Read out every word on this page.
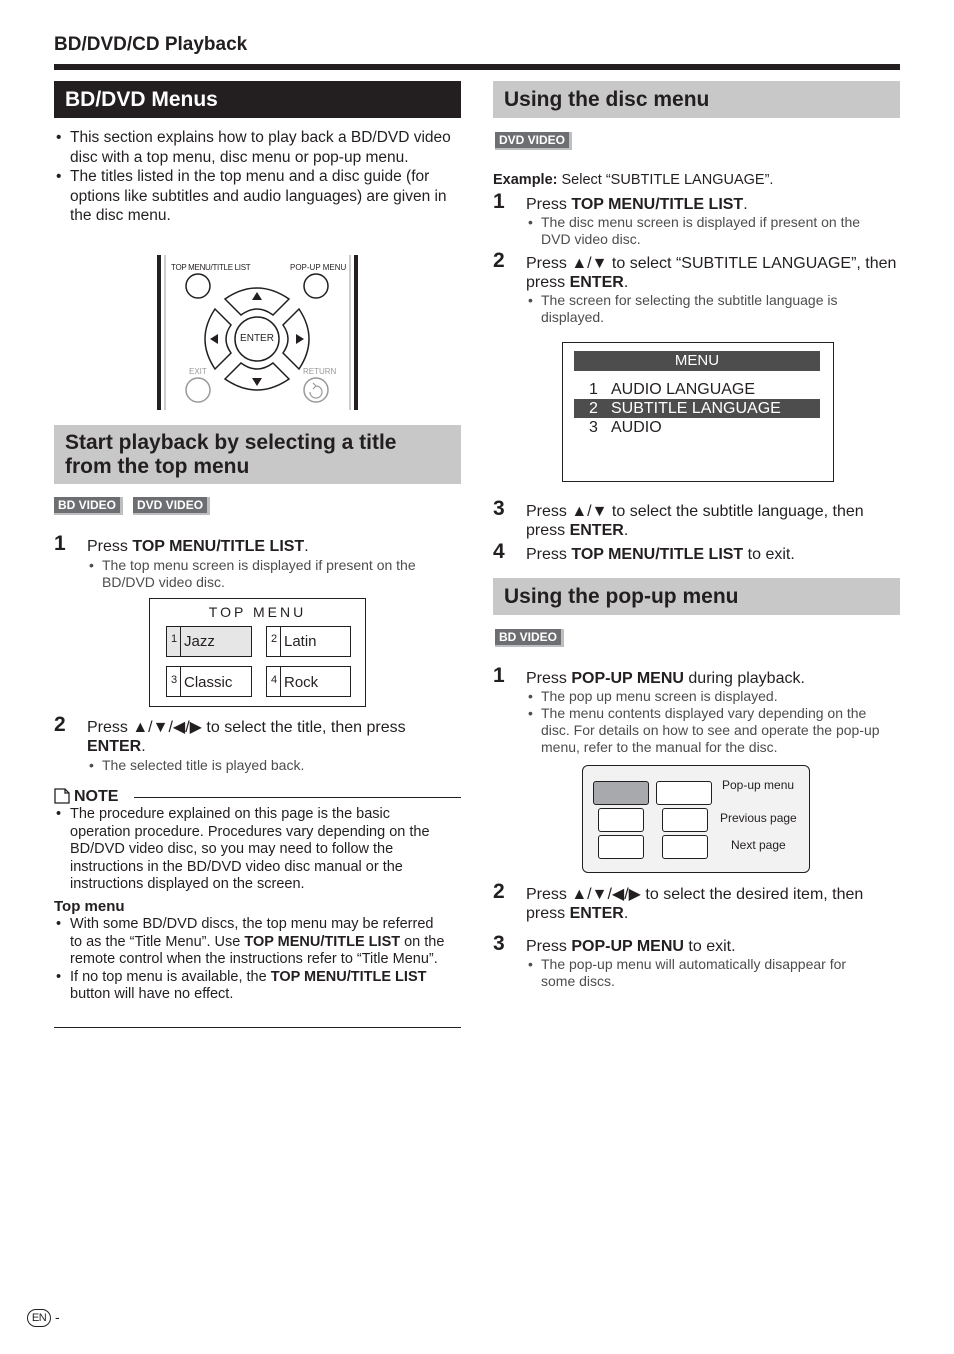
BD/DVD/CD Playback
BD/DVD Menus
• This section explains how to play back a BD/DVD video disc with a top menu, disc menu or pop-up menu.
• The titles listed in the top menu and a disc guide (for options like subtitles and audio languages) are given in the disc menu.
TOP MENU/TITLE LIST	POP-UP MENU
ENTER
EXIT	RETURN
Start playback by selecting a title
from the top menu
BD VIDEO DVD VIDEO
1 Press TOP MENU/TITLE LIST.
• The top menu screen is displayed if present on the BD/DVD video disc.
TOP MENU
1 Jazz	2 Latin
3 Classic	4 Rock
2 Press ▲/▼/◀/▶ to select the title, then press
ENTER.
• The selected title is played back.
NOTE
• The procedure explained on this page is the basic operation procedure. Procedures vary depending on the BD/DVD video disc, so you may need to follow the instructions in the BD/DVD video disc manual or the instructions displayed on the screen.
Top menu
• With some BD/DVD discs, the top menu may be referred to as the “Title Menu”. Use TOP MENU/TITLE LIST on the remote control when the instructions refer to “Title Menu”.
• If no top menu is available, the TOP MENU/TITLE LIST button will have no effect.
Using the disc menu
DVD VIDEO
Example: Select “SUBTITLE LANGUAGE”.
1 Press TOP MENU/TITLE LIST.
• The disc menu screen is displayed if present on the DVD video disc.
2 Press ▲/▼ to select “SUBTITLE LANGUAGE”, then press ENTER.
• The screen for selecting the subtitle language is displayed.
MENU
1 AUDIO LANGUAGE
2 SUBTITLE LANGUAGE
3 AUDIO
3 Press ▲/▼ to select the subtitle language, then press ENTER.
4 Press TOP MENU/TITLE LIST to exit.
Using the pop-up menu
BD VIDEO
1 Press POP-UP MENU during playback.
• The pop up menu screen is displayed.
• The menu contents displayed vary depending on the disc. For details on how to see and operate the pop-up menu, refer to the manual for the disc.
Pop-up menu
Previous page
Next page
2 Press ▲/▼/◀/▶ to select the desired item, then press ENTER.
3 Press POP-UP MENU to exit.
• The pop-up menu will automatically disappear for some discs.
EN -
